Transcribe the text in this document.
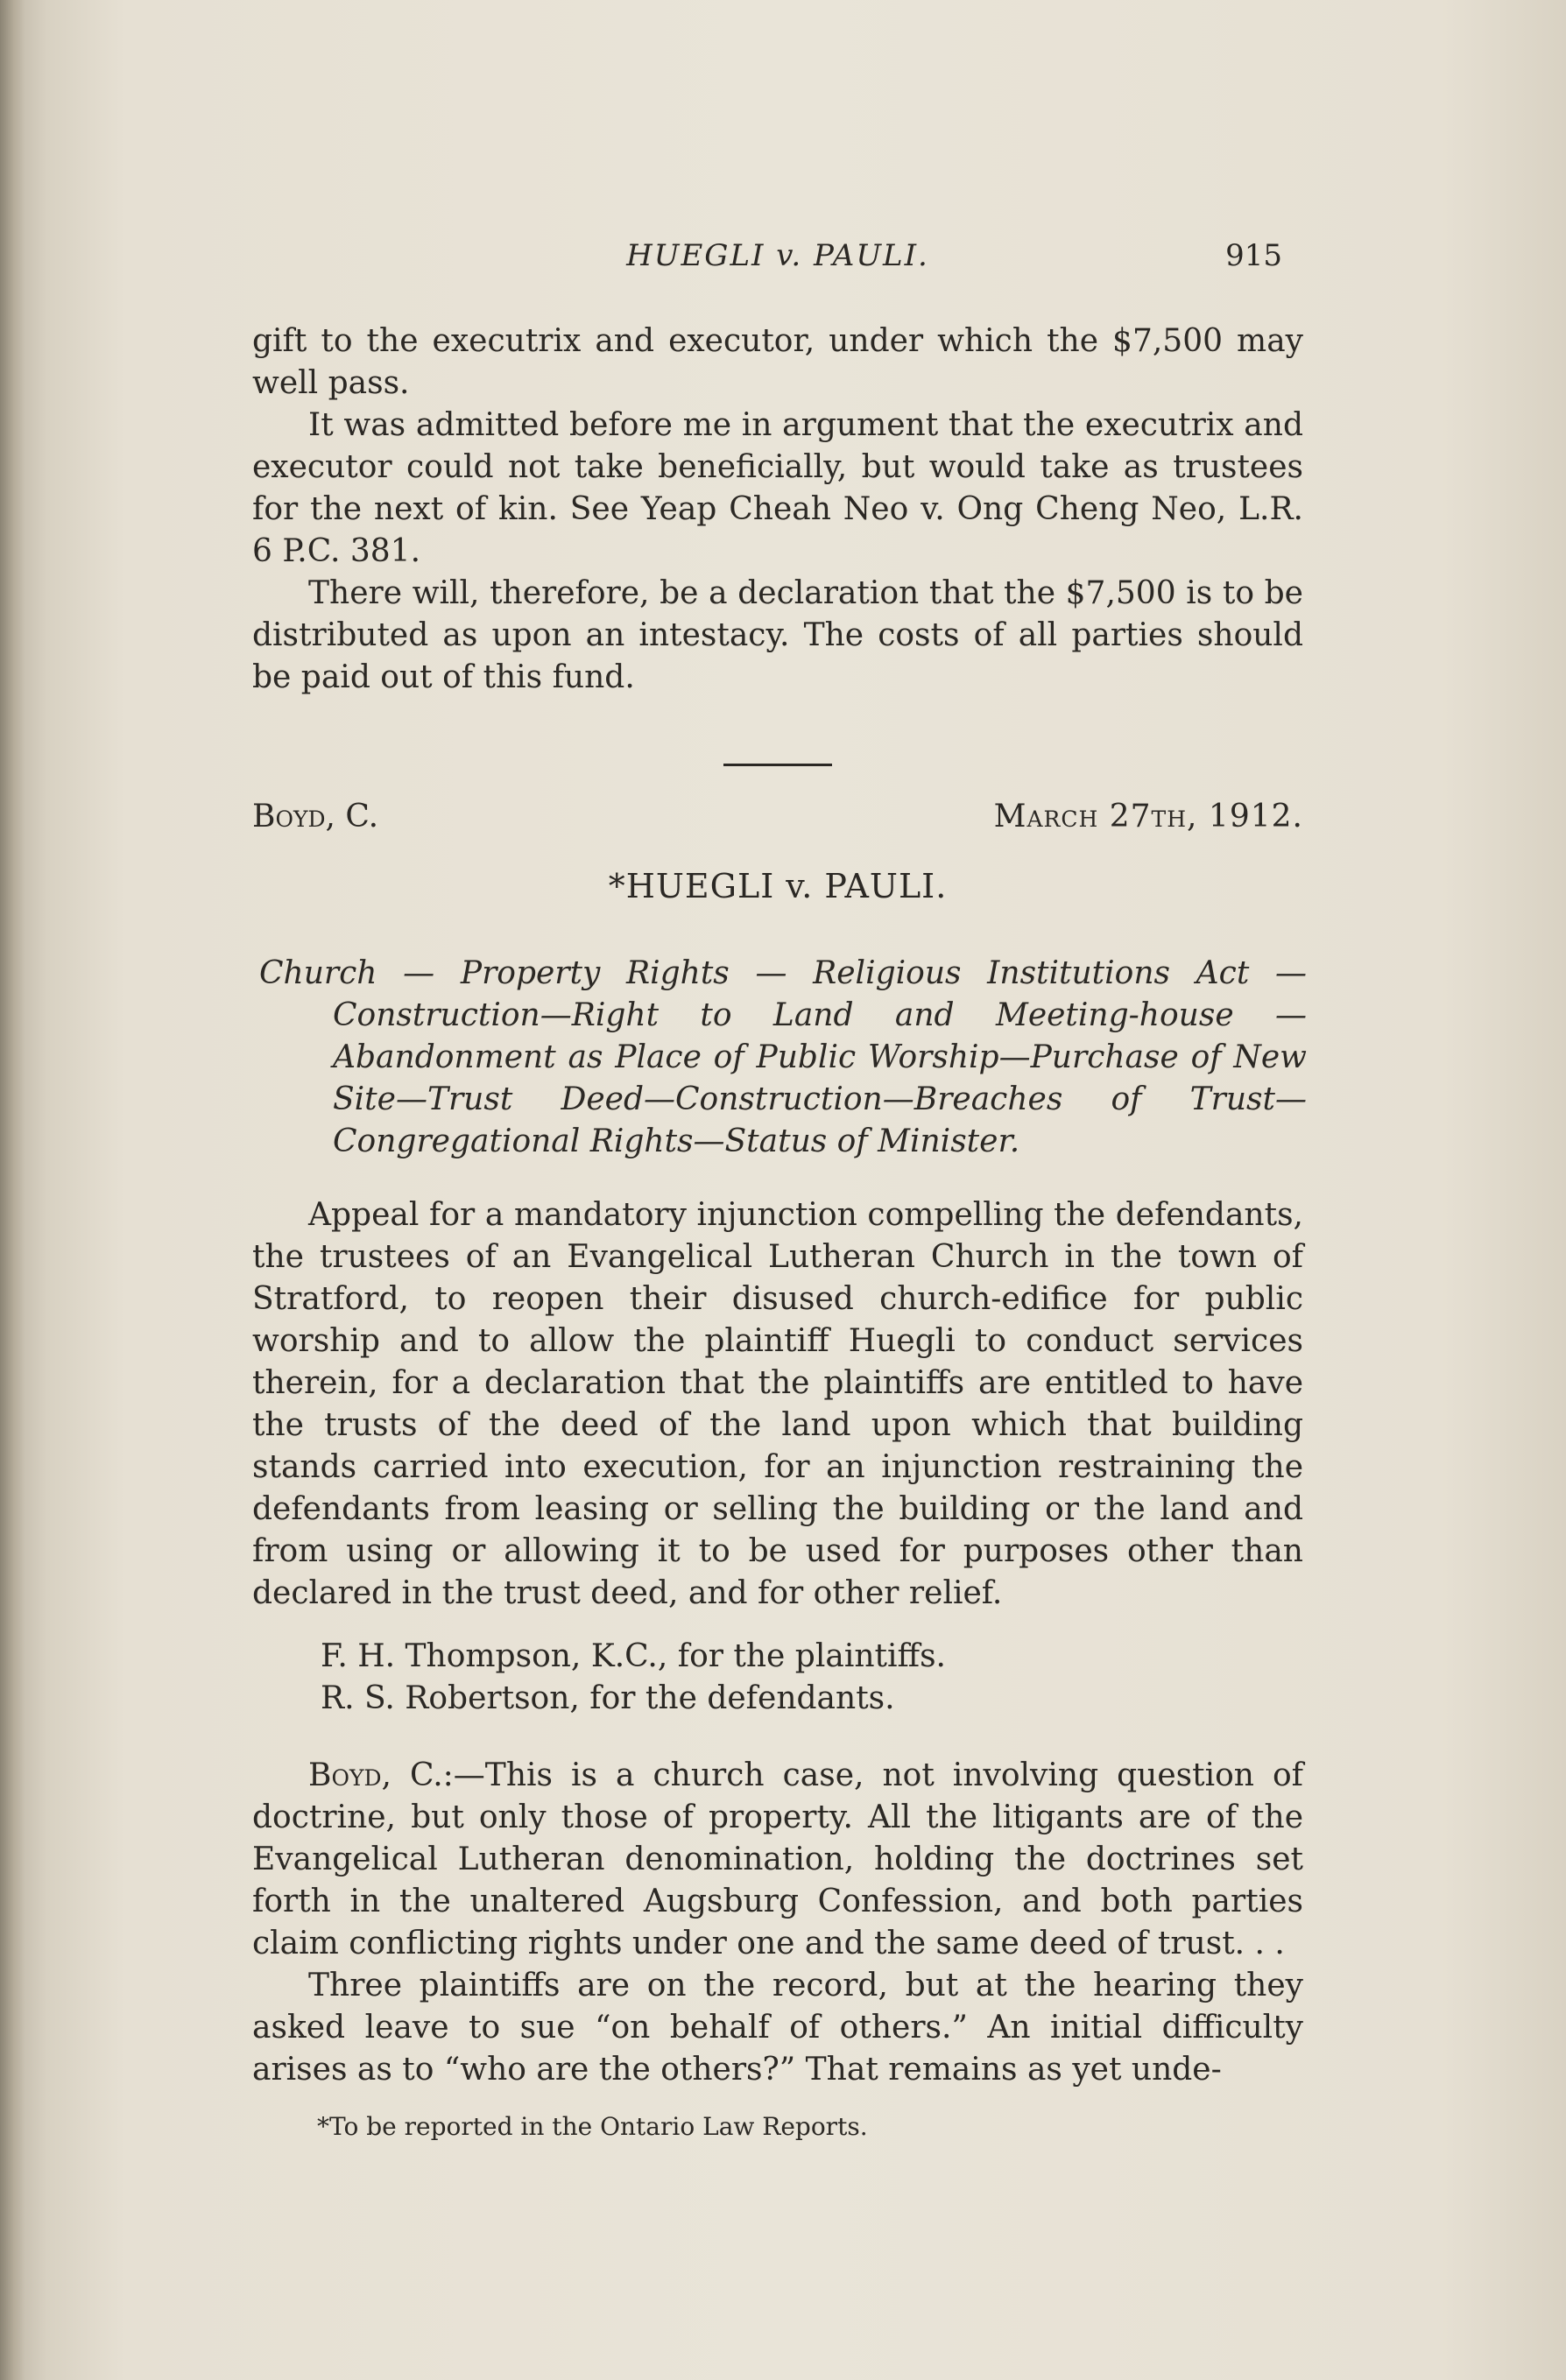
HUEGLI v. PAULI.	915

gift to the executrix and executor, under which the $7,500 may well pass.

It was admitted before me in argument that the executrix and executor could not take beneficially, but would take as trustees for the next of kin. See Yeap Cheah Neo v. Ong Cheng Neo, L.R. 6 P.C. 381.

There will, therefore, be a declaration that the $7,500 is to be distributed as upon an intestacy. The costs of all parties should be paid out of this fund.

Boyd, C.	March 27th, 1912.
*HUEGLI v. PAULI.
Church — Property Rights — Religious Institutions Act — Construction—Right to Land and Meeting-house — Abandonment as Place of Public Worship—Purchase of New Site—Trust Deed—Construction—Breaches of Trust—Congregational Rights—Status of Minister.

Appeal for a mandatory injunction compelling the defendants, the trustees of an Evangelical Lutheran Church in the town of Stratford, to reopen their disused church-edifice for public worship and to allow the plaintiff Huegli to conduct services therein, for a declaration that the plaintiffs are entitled to have the trusts of the deed of the land upon which that building stands carried into execution, for an injunction restraining the defendants from leasing or selling the building or the land and from using or allowing it to be used for purposes other than declared in the trust deed, and for other relief.

F. H. Thompson, K.C., for the plaintiffs.
R. S. Robertson, for the defendants.

Boyd, C.:—This is a church case, not involving question of doctrine, but only those of property. All the litigants are of the Evangelical Lutheran denomination, holding the doctrines set forth in the unaltered Augsburg Confession, and both parties claim conflicting rights under one and the same deed of trust. . .

Three plaintiffs are on the record, but at the hearing they asked leave to sue “on behalf of others.” An initial difficulty arises as to “who are the others?” That remains as yet unde-

*To be reported in the Ontario Law Reports.
